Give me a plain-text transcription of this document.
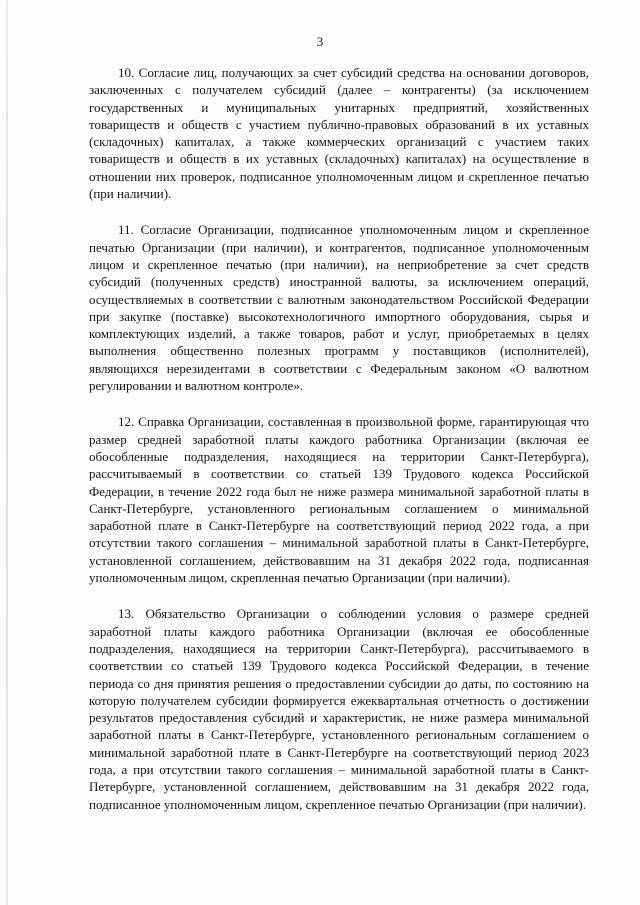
3

10. Согласие лиц, получающих за счет субсидий средства на основании договоров, заключенных с получателем субсидий (далее – контрагенты) (за исключением государственных и муниципальных унитарных предприятий, хозяйственных товариществ и обществ с участием публично-правовых образований в их уставных (складочных) капиталах, а также коммерческих организаций с участием таких товариществ и обществ в их уставных (складочных) капиталах) на осуществление в отношении них проверок, подписанное уполномоченным лицом и скрепленное печатью (при наличии).

11. Согласие Организации, подписанное уполномоченным лицом и скрепленное печатью Организации (при наличии), и контрагентов, подписанное уполномоченным лицом и скрепленное печатью (при наличии), на неприобретение за счет средств субсидий (полученных средств) иностранной валюты, за исключением операций, осуществляемых в соответствии с валютным законодательством Российской Федерации при закупке (поставке) высокотехнологичного импортного оборудования, сырья и комплектующих изделий, а также товаров, работ и услуг, приобретаемых в целях выполнения общественно полезных программ у поставщиков (исполнителей), являющихся нерезидентами в соответствии с Федеральным законом «О валютном регулировании и валютном контроле».

12. Справка Организации, составленная в произвольной форме, гарантирующая что размер средней заработной платы каждого работника Организации (включая ее обособленные подразделения, находящиеся на территории Санкт-Петербурга), рассчитываемый в соответствии со статьей 139 Трудового кодекса Российской Федерации, в течение 2022 года был не ниже размера минимальной заработной платы в Санкт-Петербурге, установленного региональным соглашением о минимальной заработной плате в Санкт-Петербурге на соответствующий период 2022 года, а при отсутствии такого соглашения – минимальной заработной платы в Санкт-Петербурге, установленной соглашением, действовавшим на 31 декабря 2022 года, подписанная уполномоченным лицом, скрепленная печатью Организации (при наличии).

13. Обязательство Организации о соблюдении условия о размере средней заработной платы каждого работника Организации (включая ее обособленные подразделения, находящиеся на территории Санкт-Петербурга), рассчитываемого в соответствии со статьей 139 Трудового кодекса Российской Федерации, в течение периода со дня принятия решения о предоставлении субсидии до даты, по состоянию на которую получателем субсидии формируется ежеквартальная отчетность о достижении результатов предоставления субсидий и характеристик, не ниже размера минимальной заработной платы в Санкт-Петербурге, установленного региональным соглашением о минимальной заработной плате в Санкт-Петербурге на соответствующий период 2023 года, а при отсутствии такого соглашения – минимальной заработной платы в Санкт-Петербурге, установленной соглашением, действовавшим на 31 декабря 2022 года, подписанное уполномоченным лицом, скрепленное печатью Организации (при наличии).
